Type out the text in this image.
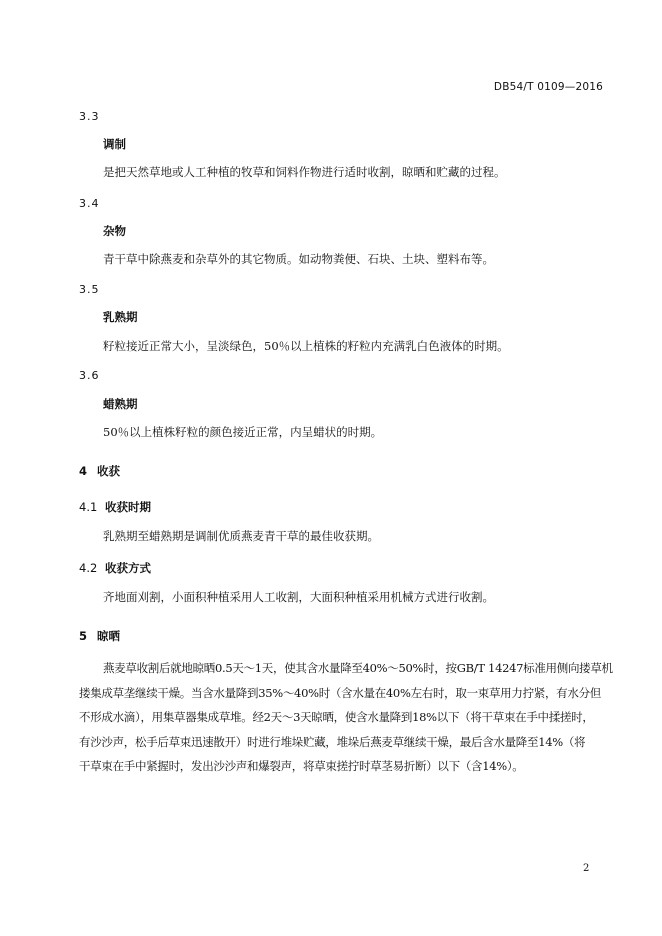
DB54/T 0109—2016
3.3
调制
是把天然草地或人工种植的牧草和饲料作物进行适时收割，晾晒和贮藏的过程。
3.4
杂物
青干草中除燕麦和杂草外的其它物质。如动物粪便、石块、土块、塑料布等。
3.5
乳熟期
籽粒接近正常大小，呈淡绿色，50％以上植株的籽粒内充满乳白色液体的时期。
3.6
蜡熟期
50％以上植株籽粒的颜色接近正常，内呈蜡状的时期。
4 收获
4.1 收获时期
乳熟期至蜡熟期是调制优质燕麦青干草的最佳收获期。
4.2 收获方式
齐地面刈割，小面积种植采用人工收割，大面积种植采用机械方式进行收割。
5 晾晒
燕麦草收割后就地晾晒0.5天～1天，使其含水量降至40%～50%时，按GB/T 14247标准用侧向搂草机
搂集成草垄继续干燥。当含水量降到35%～40%时（含水量在40%左右时，取一束草用力拧紧，有水分但
不形成水滴），用集草器集成草堆。经2天～3天晾晒，使含水量降到18%以下（将干草束在手中揉搓时，
有沙沙声，松手后草束迅速散开）时进行堆垛贮藏，堆垛后燕麦草继续干燥，最后含水量降至14%（将
干草束在手中紧握时，发出沙沙声和爆裂声，将草束搓拧时草茎易折断）以下（含14%）。
2
